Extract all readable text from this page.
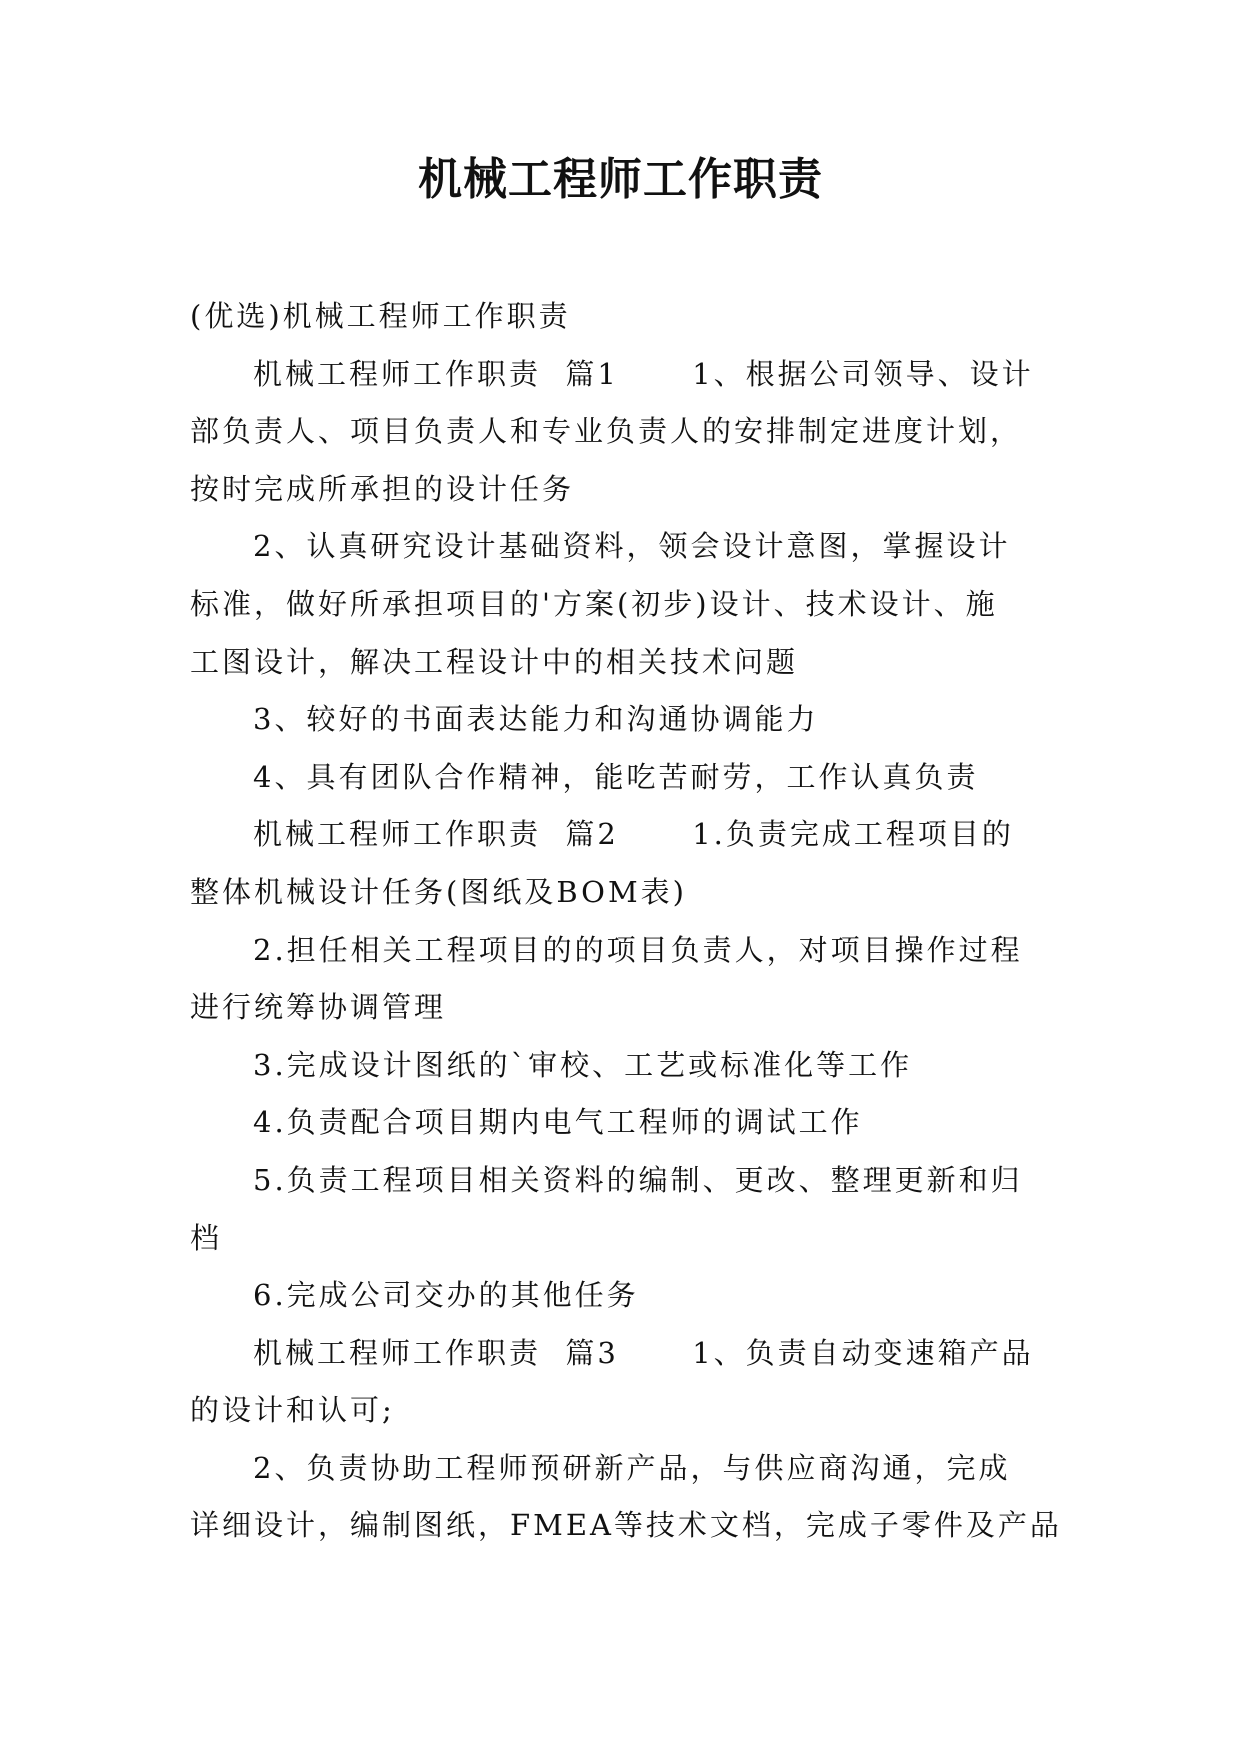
机械工程师工作职责

(优选)机械工程师工作职责

机械工程师工作职责  篇1      1、根据公司领导、设计
部负责人、项目负责人和专业负责人的安排制定进度计划，
按时完成所承担的设计任务

2、认真研究设计基础资料，领会设计意图，掌握设计
标准，做好所承担项目的'方案(初步)设计、技术设计、施
工图设计，解决工程设计中的相关技术问题

3、较好的书面表达能力和沟通协调能力

4、具有团队合作精神，能吃苦耐劳，工作认真负责

机械工程师工作职责  篇2      1.负责完成工程项目的
整体机械设计任务(图纸及BOM表)

2.担任相关工程项目的的项目负责人，对项目操作过程
进行统筹协调管理

3.完成设计图纸的`审校、工艺或标准化等工作

4.负责配合项目期内电气工程师的调试工作

5.负责工程项目相关资料的编制、更改、整理更新和归
档

6.完成公司交办的其他任务

机械工程师工作职责  篇3      1、负责自动变速箱产品
的设计和认可;

2、负责协助工程师预研新产品，与供应商沟通，完成
详细设计，编制图纸，FMEA等技术文档，完成子零件及产品
